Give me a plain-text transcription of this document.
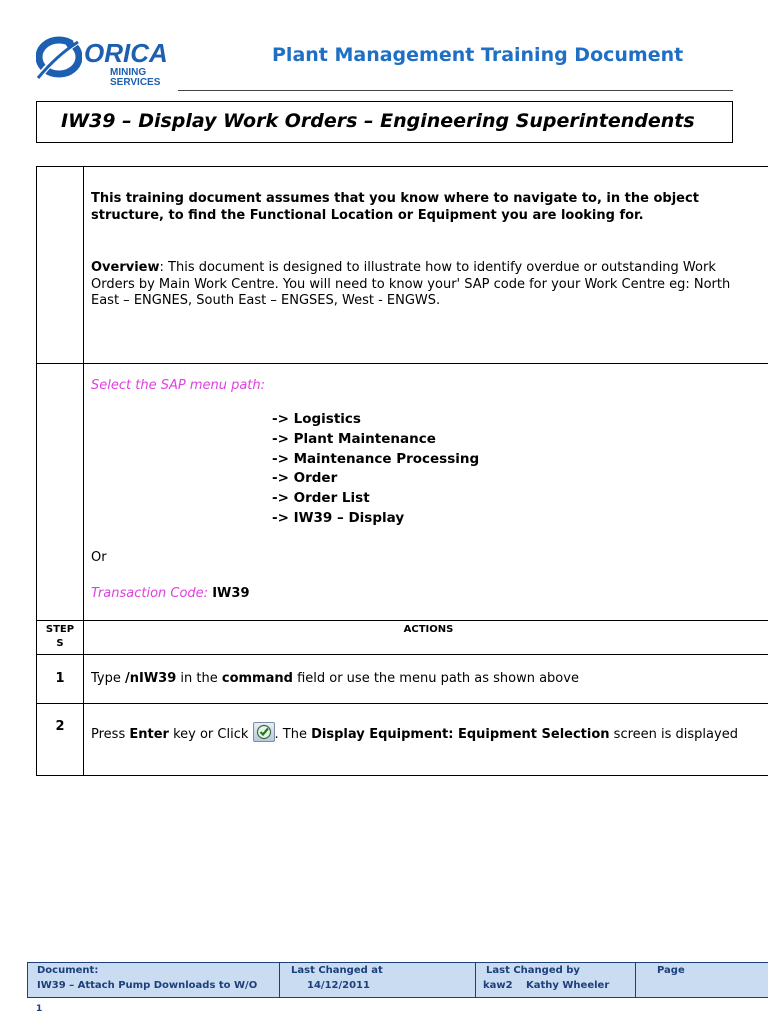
ORICA
MINING
SERVICES
Plant Management Training Document
IW39 – Display Work Orders – Engineering Superintendents
This training document assumes that you know where to navigate to, in the object structure, to find the Functional Location or Equipment you are looking for.
Overview: This document is designed to illustrate how to identify overdue or outstanding Work Orders by Main Work Centre. You will need to know your' SAP code for your Work Centre eg: North East – ENGNES, South East – ENGSES, West - ENGWS.
Select the SAP menu path:
-> Logistics
-> Plant Maintenance
-> Maintenance Processing
-> Order
-> Order List
-> IW39 – Display
Or
Transaction Code: IW39
STEP
S
ACTIONS
1	Type /nIW39 in the command field or use the menu path as shown above
2
Press Enter key or Click
. The Display Equipment: Equipment Selection screen is displayed
Document:
IW39 – Attach Pump Downloads to W/O
Last Changed at
14/12/2011
Last Changed by
kaw2 Kathy Wheeler
Page
1
